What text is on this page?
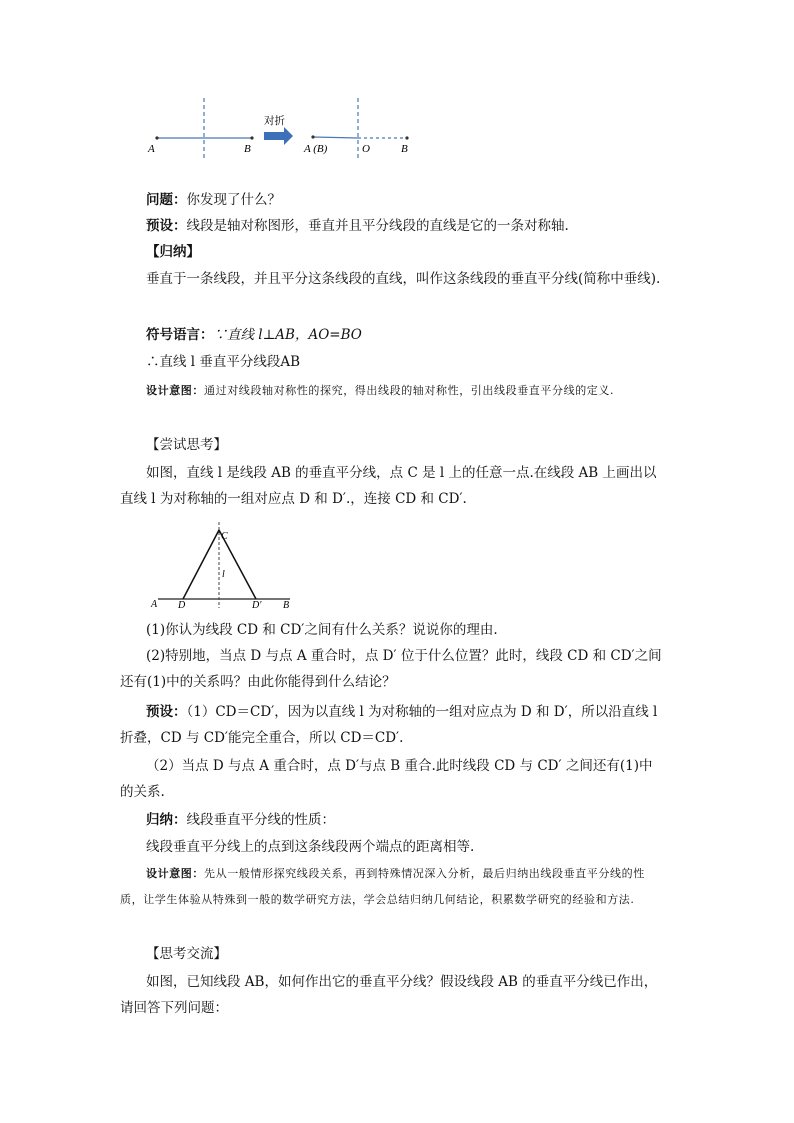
A	B
对折
A (B)	O	B

问题：你发现了什么？

预设：线段是轴对称图形，垂直并且平分线段的直线是它的一条对称轴.

【归纳】

垂直于一条线段，并且平分这条线段的直线，叫作这条线段的垂直平分线(简称中垂线).

符号语言：∵直线 l⊥AB，AO=BO

∴直线 l 垂直平分线段AB

设计意图：通过对线段轴对称性的探究，得出线段的轴对称性，引出线段垂直平分线的定义.

【尝试思考】

如图，直线 l 是线段 AB 的垂直平分线，点 C 是 l 上的任意一点.在线段 AB 上画出以直线 l 为对称轴的一组对应点 D 和 D′.，连接 CD 和 CD′.

A D
C
l
D′ B

(1)你认为线段 CD 和 CD′之间有什么关系？说说你的理由.

(2)特别地，当点 D 与点 A 重合时，点 D′ 位于什么位置？此时，线段 CD 和 CD′之间还有(1)中的关系吗？由此你能得到什么结论？

预设：（1）CD＝CD′，因为以直线 l 为对称轴的一组对应点为 D 和 D′，所以沿直线 l 折叠，CD 与 CD′能完全重合，所以 CD＝CD′.

（2）当点 D 与点 A 重合时，点 D′与点 B 重合.此时线段 CD 与 CD′ 之间还有(1)中的关系.

归纳：线段垂直平分线的性质：

线段垂直平分线上的点到这条线段两个端点的距离相等.

设计意图：先从一般情形探究线段关系，再到特殊情况深入分析，最后归纳出线段垂直平分线的性质，让学生体验从特殊到一般的数学研究方法，学会总结归纳几何结论，积累数学研究的经验和方法.

【思考交流】

如图，已知线段 AB，如何作出它的垂直平分线？假设线段 AB 的垂直平分线已作出，请回答下列问题：
